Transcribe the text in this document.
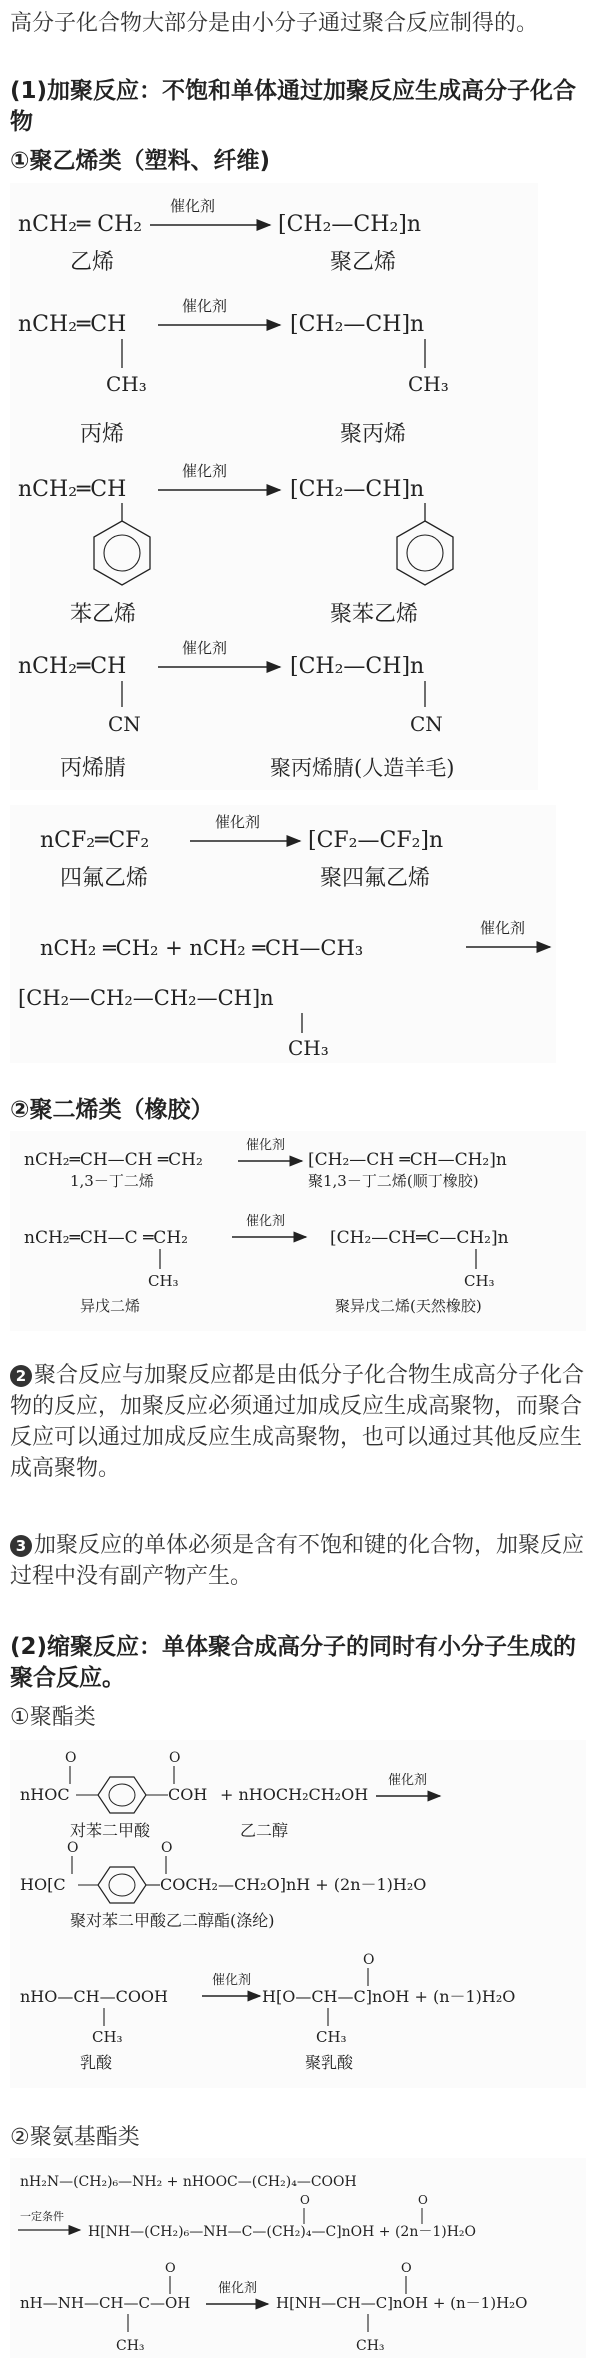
高分子化合物大部分是由小分子通过聚合反应制得的。
(1)加聚反应：不饱和单体通过加聚反应生成高分子化合物
①聚乙烯类（塑料、纤维)
nCH₂═ CH₂
催化剂
[CH₂—CH₂]n
乙烯	聚乙烯
nCH₂═CH
CH₃
催化剂
[CH₂—CH]n
CH₃
丙烯	聚丙烯
nCH₂═CH
催化剂
[CH₂—CH]n
苯乙烯	聚苯乙烯
nCH₂═CH
CN
催化剂
[CH₂—CH]n
CN
丙烯腈	聚丙烯腈(人造羊毛)
nCF₂═CF₂
催化剂
[CF₂—CF₂]n
四氟乙烯	聚四氟乙烯
nCH₂ ═CH₂ + nCH₂ ═CH—CH₃
催化剂
[CH₂—CH₂—CH₂—CH]n
CH₃
②聚二烯类（橡胶）
nCH₂═CH—CH ═CH₂
1,3－丁二烯
催化剂
[CH₂—CH ═CH—CH₂]n
聚1,3－丁二烯(顺丁橡胶)
nCH₂═CH—C ═CH₂
CH₃
异戊二烯
催化剂
[CH₂—CH═C—CH₂]n
CH₃
聚异戊二烯(天然橡胶)
2 聚合反应与加聚反应都是由低分子化合物生成高分子化合物的反应，加聚反应必须通过加成反应生成高聚物，而聚合反应可以通过加成反应生成高聚物，也可以通过其他反应生成高聚物。
3 加聚反应的单体必须是含有不饱和键的化合物，加聚反应过程中没有副产物产生。
(2)缩聚反应：单体聚合成高分子的同时有小分子生成的聚合反应。
①聚酯类
nHOC
O
COH
O
+ nHOCH₂CH₂OH
催化剂
对苯二甲酸	乙二醇
HO[C
O
COCH₂—CH₂O]nH + (2n－1)H₂O
O
聚对苯二甲酸乙二醇酯(涤纶)
nHO—CH—COOH
CH₃
乳酸
催化剂
H[O—CH—C]nOH + (n－1)H₂O
O
CH₃
聚乳酸
②聚氨基酯类
nH₂N—(CH₂)₆—NH₂ + nHOOC—(CH₂)₄—COOH
一定条件
H[NH—(CH₂)₆—NH—C—(CH₂)₄—C]nOH + (2n－1)H₂O
O	O
nH—NH—CH—C—OH
CH₃
O
催化剂
H[NH—CH—C]nOH + (n－1)H₂O
CH₃
O
